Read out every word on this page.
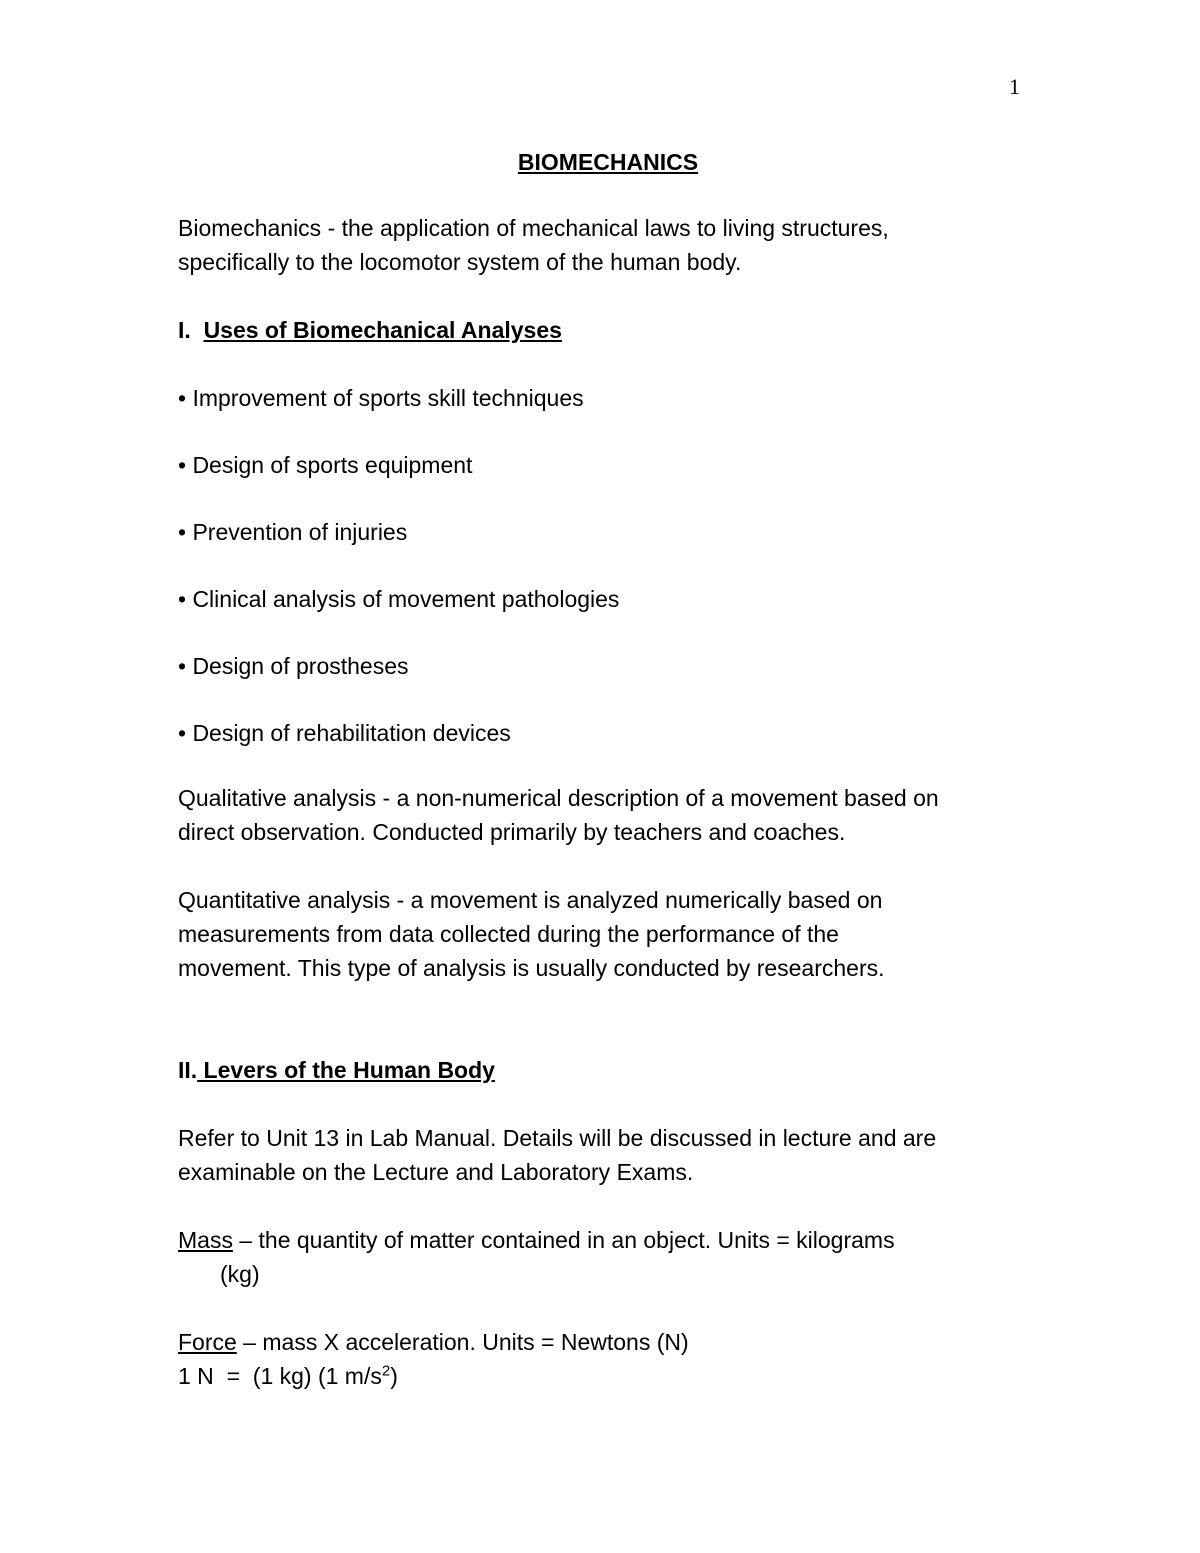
1

BIOMECHANICS

Biomechanics - the application of mechanical laws to living structures,

specifically to the locomotor system of the human body.

I. Uses of Biomechanical Analyses

• Improvement of sports skill techniques
• Design of sports equipment
• Prevention of injuries
• Clinical analysis of movement pathologies
• Design of prostheses
• Design of rehabilitation devices

Qualitative analysis - a non-numerical description of a movement based on

direct observation. Conducted primarily by teachers and coaches.

Quantitative analysis - a movement is analyzed numerically based on

measurements from data collected during the performance of the

movement. This type of analysis is usually conducted by researchers.

II. Levers of the Human Body

Refer to Unit 13 in Lab Manual. Details will be discussed in lecture and are

examinable on the Lecture and Laboratory Exams.

Mass – the quantity of matter contained in an object. Units = kilograms

(kg)

Force – mass X acceleration. Units = Newtons (N)

1 N  =  (1 kg) (1 $m/s^2$)
